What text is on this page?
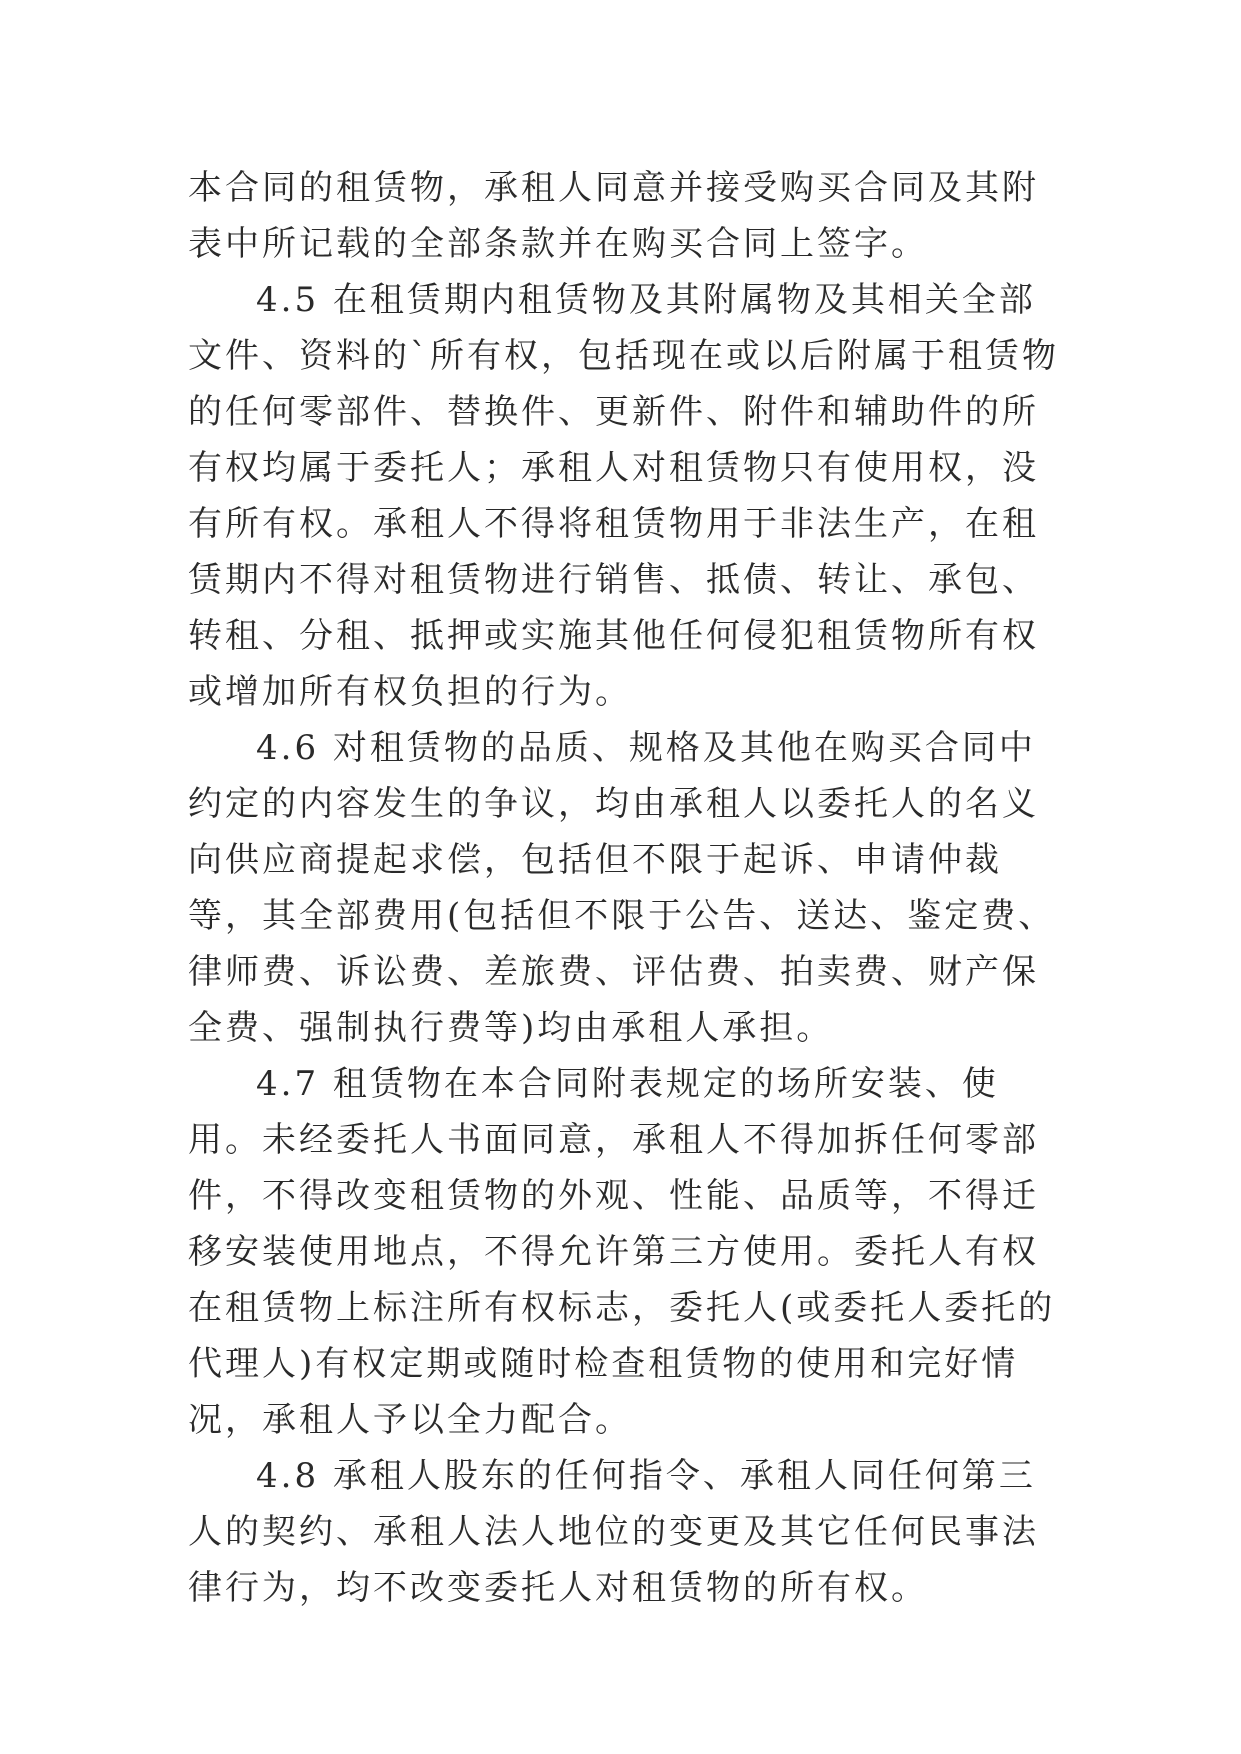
本合同的租赁物，承租人同意并接受购买合同及其附表中所记载的全部条款并在购买合同上签字。

4.5 在租赁期内租赁物及其附属物及其相关全部文件、资料的`所有权，包括现在或以后附属于租赁物的任何零部件、替换件、更新件、附件和辅助件的所有权均属于委托人；承租人对租赁物只有使用权，没有所有权。承租人不得将租赁物用于非法生产，在租赁期内不得对租赁物进行销售、抵债、转让、承包、转租、分租、抵押或实施其他任何侵犯租赁物所有权或增加所有权负担的行为。

4.6 对租赁物的品质、规格及其他在购买合同中约定的内容发生的争议，均由承租人以委托人的名义向供应商提起求偿，包括但不限于起诉、申请仲裁等，其全部费用(包括但不限于公告、送达、鉴定费、律师费、诉讼费、差旅费、评估费、拍卖费、财产保全费、强制执行费等)均由承租人承担。

4.7 租赁物在本合同附表规定的场所安装、使用。未经委托人书面同意，承租人不得加拆任何零部件，不得改变租赁物的外观、性能、品质等，不得迁移安装使用地点，不得允许第三方使用。委托人有权在租赁物上标注所有权标志，委托人(或委托人委托的代理人)有权定期或随时检查租赁物的使用和完好情况，承租人予以全力配合。

4.8 承租人股东的任何指令、承租人同任何第三人的契约、承租人法人地位的变更及其它任何民事法律行为，均不改变委托人对租赁物的所有权。
